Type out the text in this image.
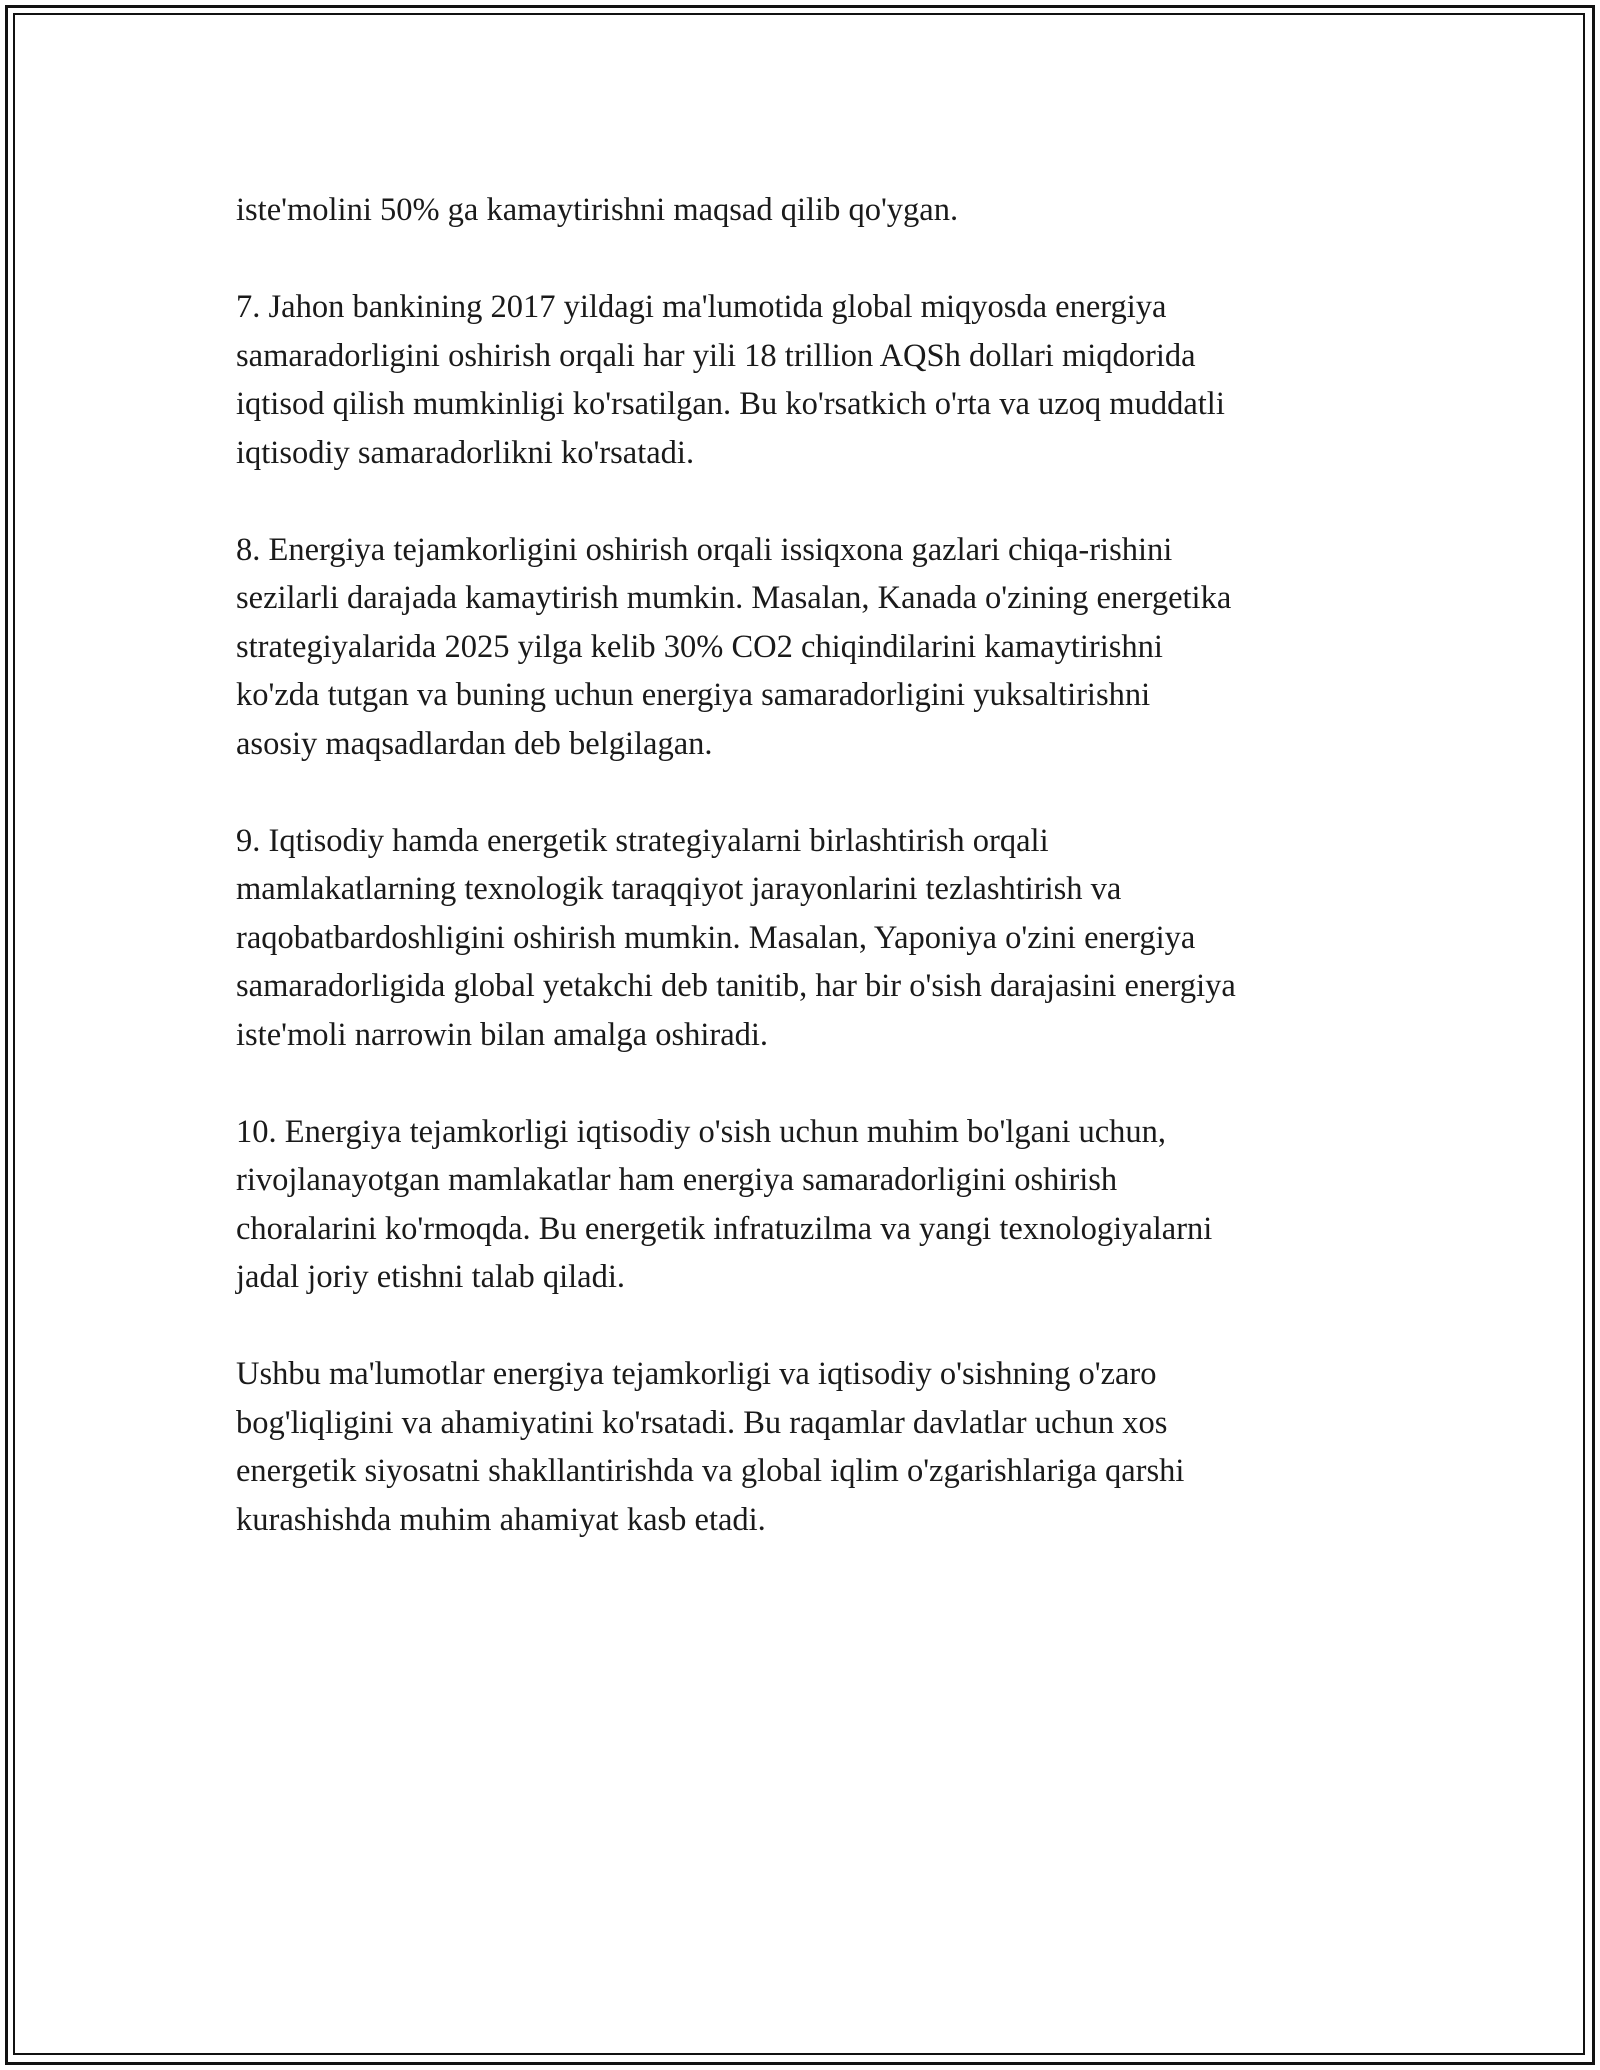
iste'molini 50% ga kamaytirishni maqsad qilib qo'ygan.

7. Jahon bankining 2017 yildagi ma'lumotida global miqyosda energiya
samaradorligini oshirish orqali har yili 18 trillion AQSh dollari miqdorida
iqtisod qilish mumkinligi ko'rsatilgan. Bu ko'rsatkich o'rta va uzoq muddatli
iqtisodiy samaradorlikni ko'rsatadi.

8. Energiya tejamkorligini oshirish orqali issiqxona gazlari chiqa-rishini
sezilarli darajada kamaytirish mumkin. Masalan, Kanada o'zining energetika
strategiyalarida 2025 yilga kelib 30% CO2 chiqindilarini kamaytirishni
ko'zda tutgan va buning uchun energiya samaradorligini yuksaltirishni
asosiy maqsadlardan deb belgilagan.

9. Iqtisodiy hamda energetik strategiyalarni birlashtirish orqali
mamlakatlarning texnologik taraqqiyot jarayonlarini tezlashtirish va
raqobatbardoshligini oshirish mumkin. Masalan, Yaponiya o'zini energiya
samaradorligida global yetakchi deb tanitib, har bir o'sish darajasini energiya
iste'moli narrowin bilan amalga oshiradi.

10. Energiya tejamkorligi iqtisodiy o'sish uchun muhim bo'lgani uchun,
rivojlanayotgan mamlakatlar ham energiya samaradorligini oshirish
choralarini ko'rmoqda. Bu energetik infratuzilma va yangi texnologiyalarni
jadal joriy etishni talab qiladi.

Ushbu ma'lumotlar energiya tejamkorligi va iqtisodiy o'sishning o'zaro
bog'liqligini va ahamiyatini ko'rsatadi. Bu raqamlar davlatlar uchun xos
energetik siyosatni shakllantirishda va global iqlim o'zgarishlariga qarshi
kurashishda muhim ahamiyat kasb etadi.
